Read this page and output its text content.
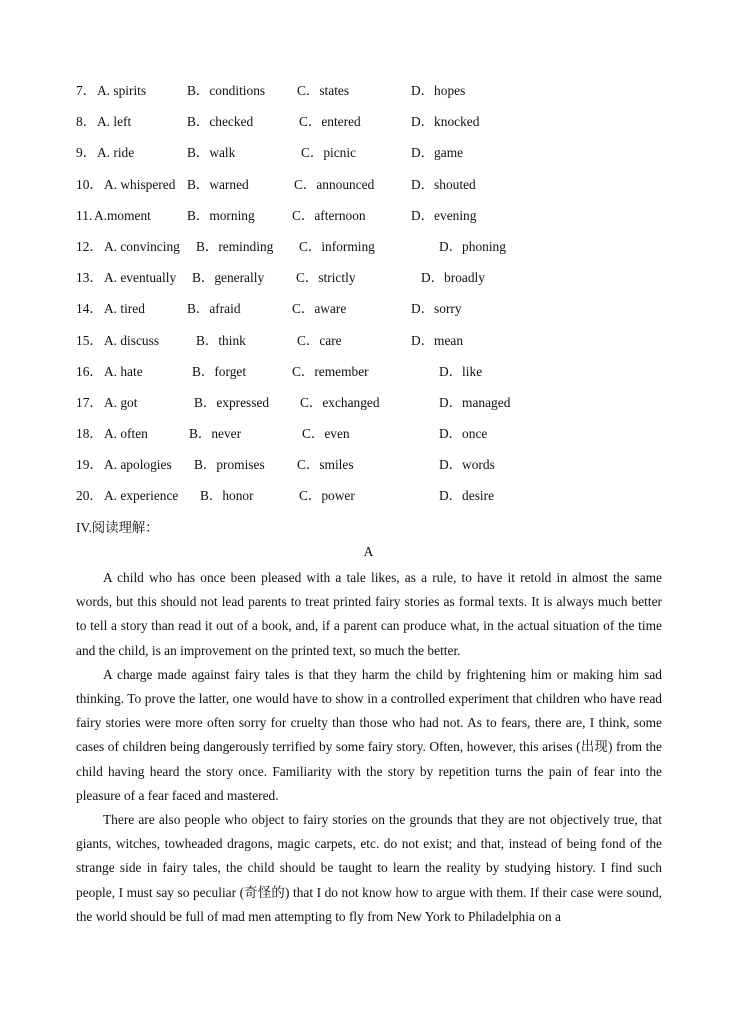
7． A. spirits	B．conditions C．states	D．hopes
8． A. left	B．checked	C．entered	D．knocked
9． A. ride	B．walk	C．picnic	D．game
10． A. whispered B．warned	C．announced	D．shouted
11. A.moment	B．morning	C．afternoon	D．evening
12． A. convincing B．reminding C．informing	D．phoning
13． A. eventually B．generally C．strictly	D．broadly
14． A. tired	B．afraid	C．aware	D．sorry
15． A. discuss	B．think	C．care	D．mean
16． A. hate	B．forget	C．remember	D．like
17． A. got	B．expressed C．exchanged	D．managed
18． A. often	B．never	C．even	D．once
19． A. apologies B．promises C．smiles	D．words
20． A. experience B．honor	C．power	D．desire
IV.阅读理解：
A

A child who has once been pleased with a tale likes, as a rule, to have it retold in almost the same words, but this should not lead parents to treat printed fairy stories as formal texts. It is always much better to tell a story than read it out of a book, and, if a parent can produce what, in the actual situation of the time and the child, is an improvement on the printed text, so much the better.

A charge made against fairy tales is that they harm the child by frightening him or making him sad thinking. To prove the latter, one would have to show in a controlled experiment that children who have read fairy stories were more often sorry for cruelty than those who had not. As to fears, there are, I think, some cases of children being dangerously terrified by some fairy story. Often, however, this arises (出现) from the child having heard the story once. Familiarity with the story by repetition turns the pain of fear into the pleasure of a fear faced and mastered.

There are also people who object to fairy stories on the grounds that they are not objectively true, that giants, witches, towheaded dragons, magic carpets, etc. do not exist; and that, instead of being fond of the strange side in fairy tales, the child should be taught to learn the reality by studying history. I find such people, I must say so peculiar (奇怪的) that I do not know how to argue with them. If their case were sound, the world should be full of mad men attempting to fly from New York to Philadelphia on a
